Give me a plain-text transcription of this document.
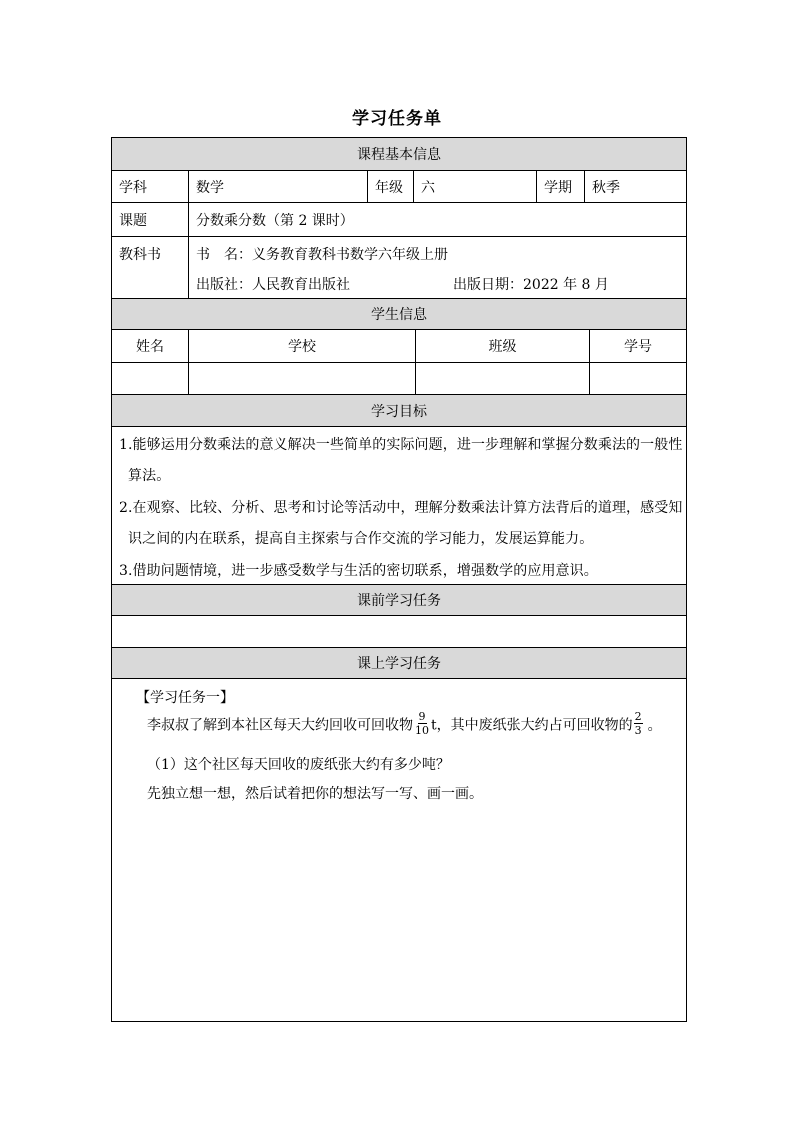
学习任务单
课程基本信息
学科	数学	年级	六	学期	秋季
课题	分数乘分数（第 2 课时）
教科书	书　名：义务教育教科书数学六年级上册
出版社：人民教育出版社	出版日期：2022 年 8 月
学生信息
姓名	学校	班级	学号
学习目标
1.能够运用分数乘法的意义解决一些简单的实际问题，进一步理解和掌握分数乘法的一般性
算法。
2.在观察、比较、分析、思考和讨论等活动中，理解分数乘法计算方法背后的道理，感受知
识之间的内在联系，提高自主探索与合作交流的学习能力，发展运算能力。
3.借助问题情境，进一步感受数学与生活的密切联系，增强数学的应用意识。
课前学习任务
课上学习任务
【学习任务一】
李叔叔了解到本社区每天大约回收可回收物 $\frac{9}{10}$ t，其中废纸张大约占可回收物的 $\frac{2}{3}$ 。
（1）这个社区每天回收的废纸张大约有多少吨？
先独立想一想，然后试着把你的想法写一写、画一画。
